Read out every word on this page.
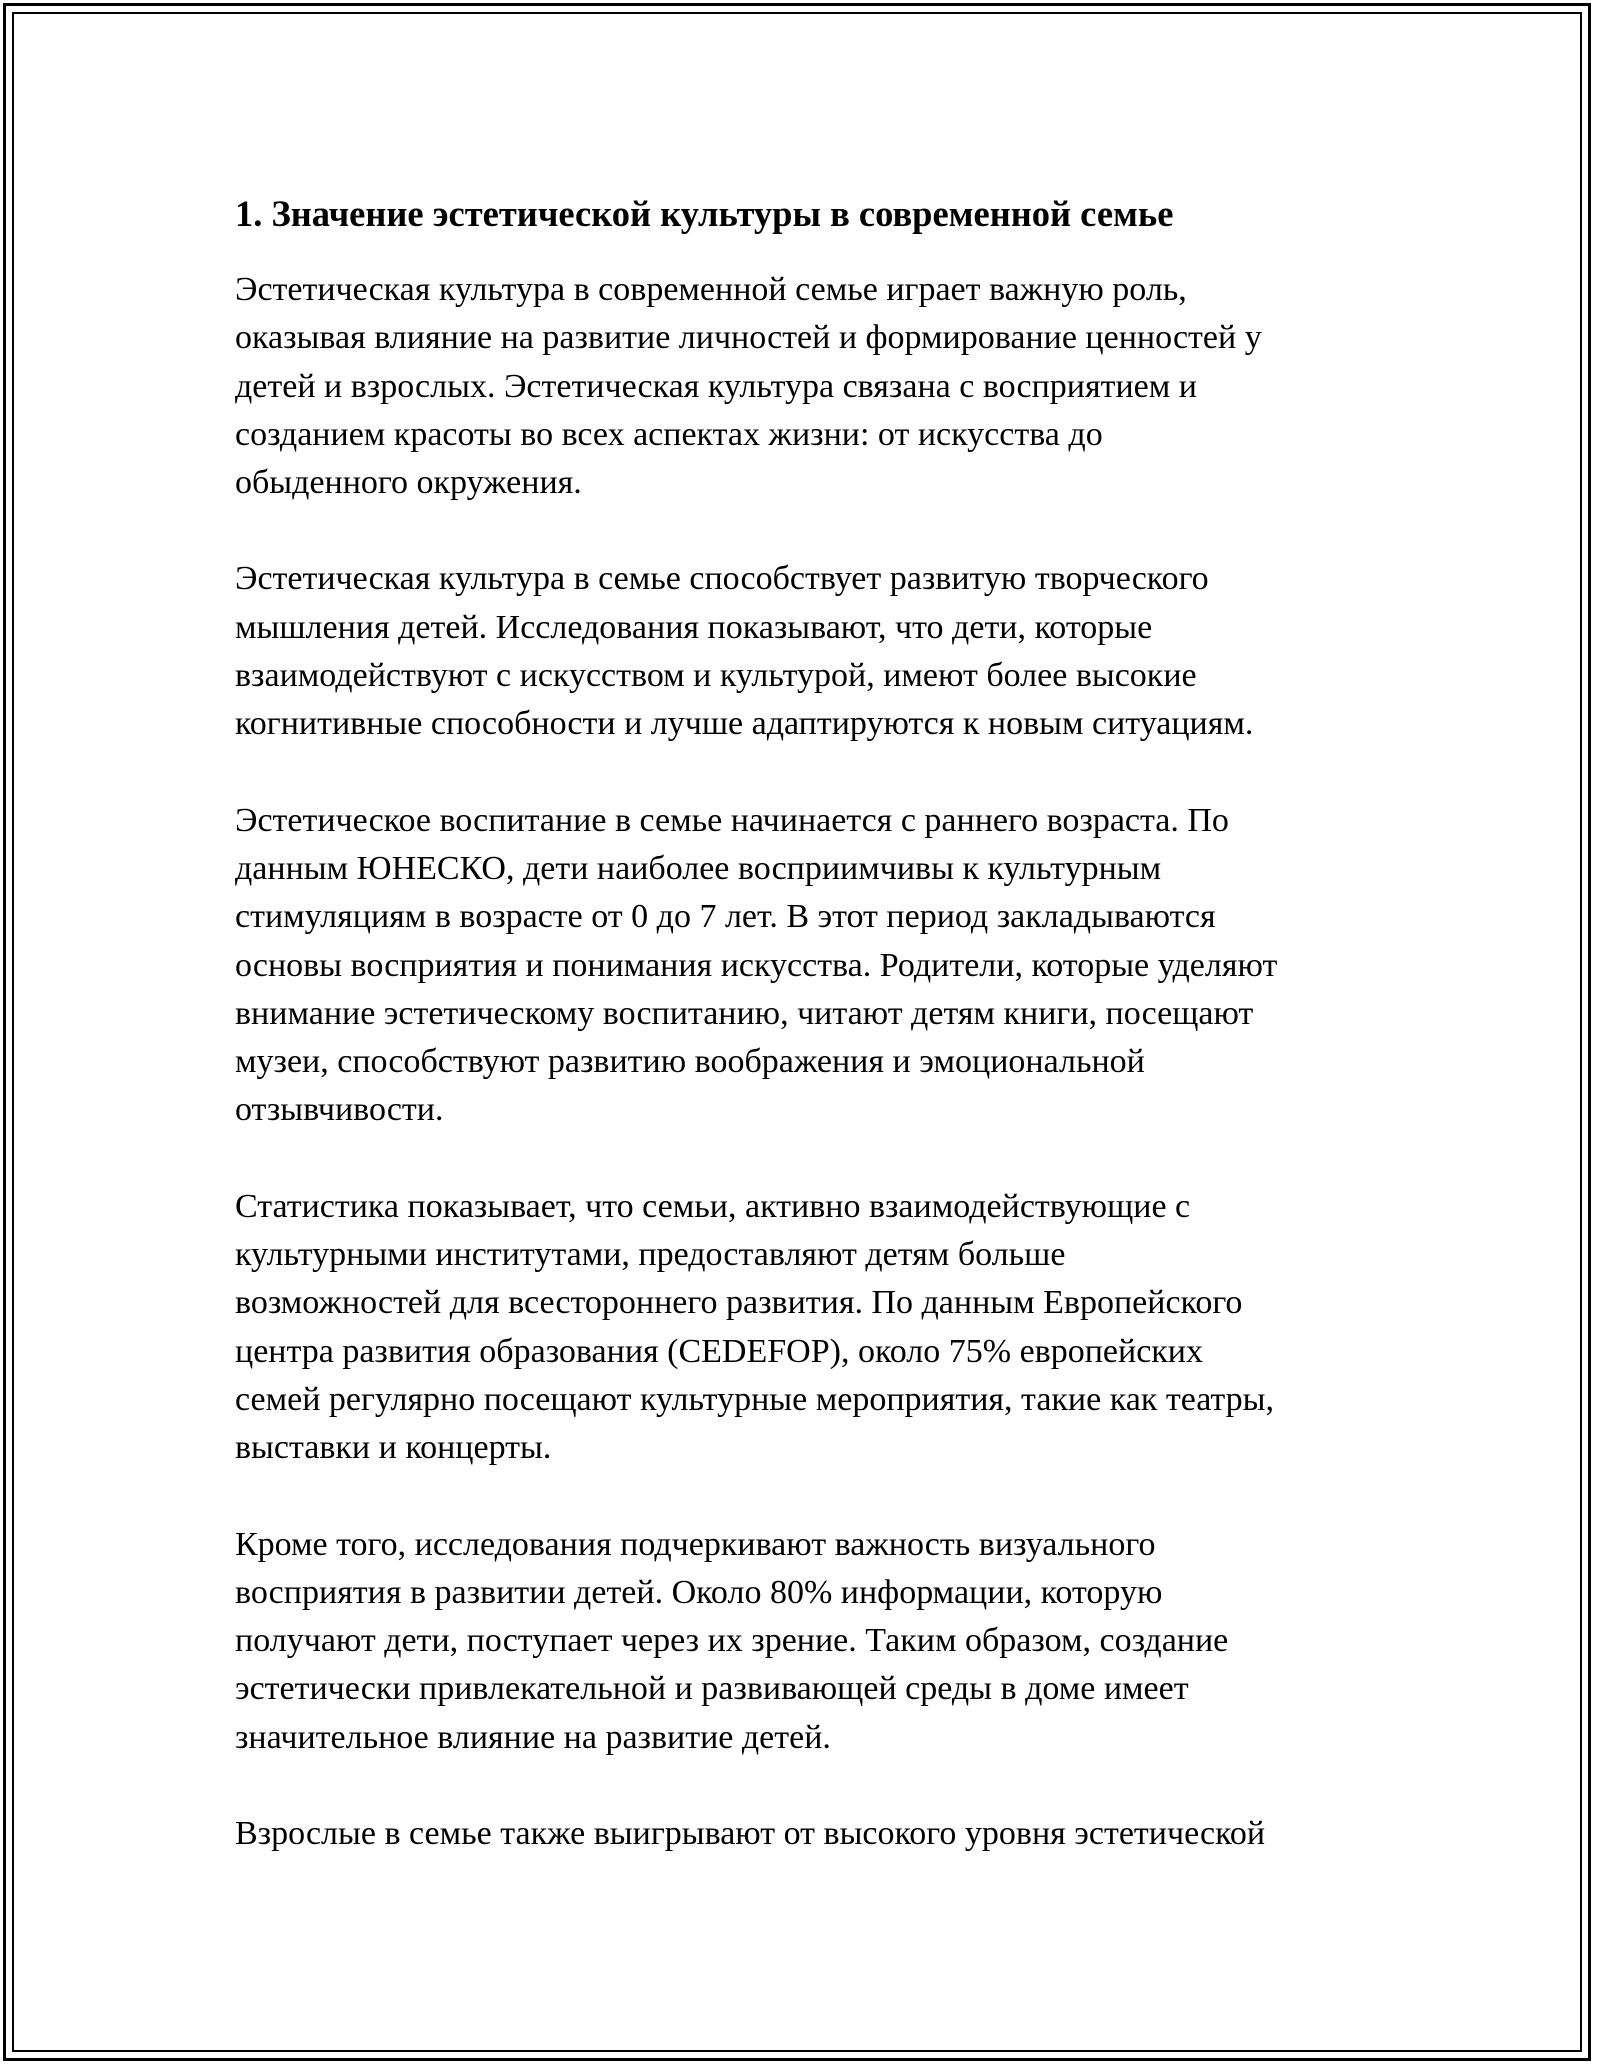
1. Значение эстетической культуры в современной семье

Эстетическая культура в современной семье играет важную роль,
оказывая влияние на развитие личностей и формирование ценностей у
детей и взрослых. Эстетическая культура связана с восприятием и
созданием красоты во всех аспектах жизни: от искусства до
обыденного окружения.

Эстетическая культура в семье способствует развитую творческого
мышления детей. Исследования показывают, что дети, которые
взаимодействуют с искусством и культурой, имеют более высокие
когнитивные способности и лучше адаптируются к новым ситуациям.

Эстетическое воспитание в семье начинается с раннего возраста. По
данным ЮНЕСКО, дети наиболее восприимчивы к культурным
стимуляциям в возрасте от 0 до 7 лет. В этот период закладываются
основы восприятия и понимания искусства. Родители, которые уделяют
внимание эстетическому воспитанию, читают детям книги, посещают
музеи, способствуют развитию воображения и эмоциональной
отзывчивости.

Статистика показывает, что семьи, активно взаимодействующие с
культурными институтами, предоставляют детям больше
возможностей для всестороннего развития. По данным Европейского
центра развития образования (CEDEFOP), около 75% европейских
семей регулярно посещают культурные мероприятия, такие как театры,
выставки и концерты.

Кроме того, исследования подчеркивают важность визуального
восприятия в развитии детей. Около 80% информации, которую
получают дети, поступает через их зрение. Таким образом, создание
эстетически привлекательной и развивающей среды в доме имеет
значительное влияние на развитие детей.

Взрослые в семье также выигрывают от высокого уровня эстетической
